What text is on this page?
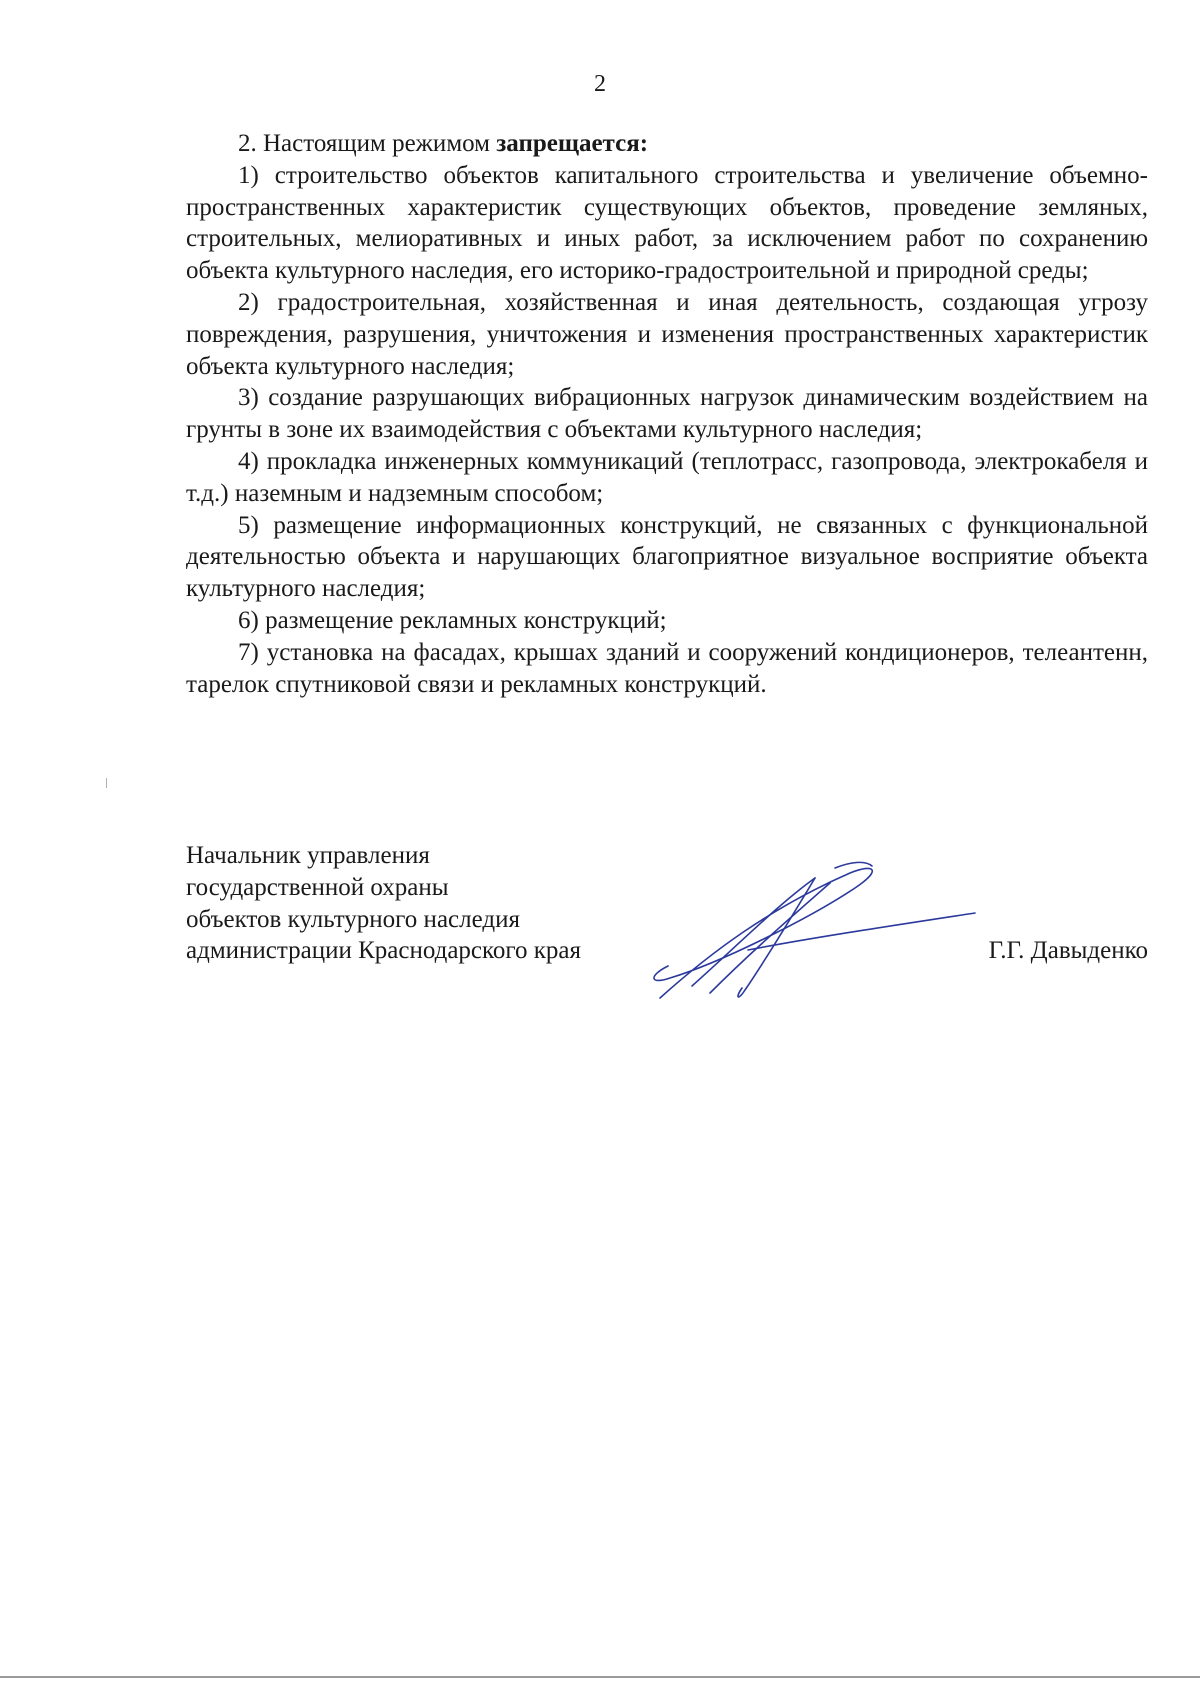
2

2. Настоящим режимом запрещается:

1) строительство объектов капитального строительства и увеличение объемно-пространственных характеристик существующих объектов, проведение земляных, строительных, мелиоративных и иных работ, за исключением работ по сохранению объекта культурного наследия, его историко-градостроительной и природной среды;

2) градостроительная, хозяйственная и иная деятельность, создающая угрозу повреждения, разрушения, уничтожения и изменения пространственных характеристик объекта культурного наследия;

3) создание разрушающих вибрационных нагрузок динамическим воздействием на грунты в зоне их взаимодействия с объектами культурного наследия;

4) прокладка инженерных коммуникаций (теплотрасс, газопровода, электрокабеля и т.д.) наземным и надземным способом;

5) размещение информационных конструкций, не связанных с функциональной деятельностью объекта и нарушающих благоприятное визуальное восприятие объекта культурного наследия;

6) размещение рекламных конструкций;

7) установка на фасадах, крышах зданий и сооружений кондиционеров, телеантенн, тарелок спутниковой связи и рекламных конструкций.

Начальник управления
государственной охраны
объектов культурного наследия
администрации Краснодарского края	Г.Г. Давыденко
